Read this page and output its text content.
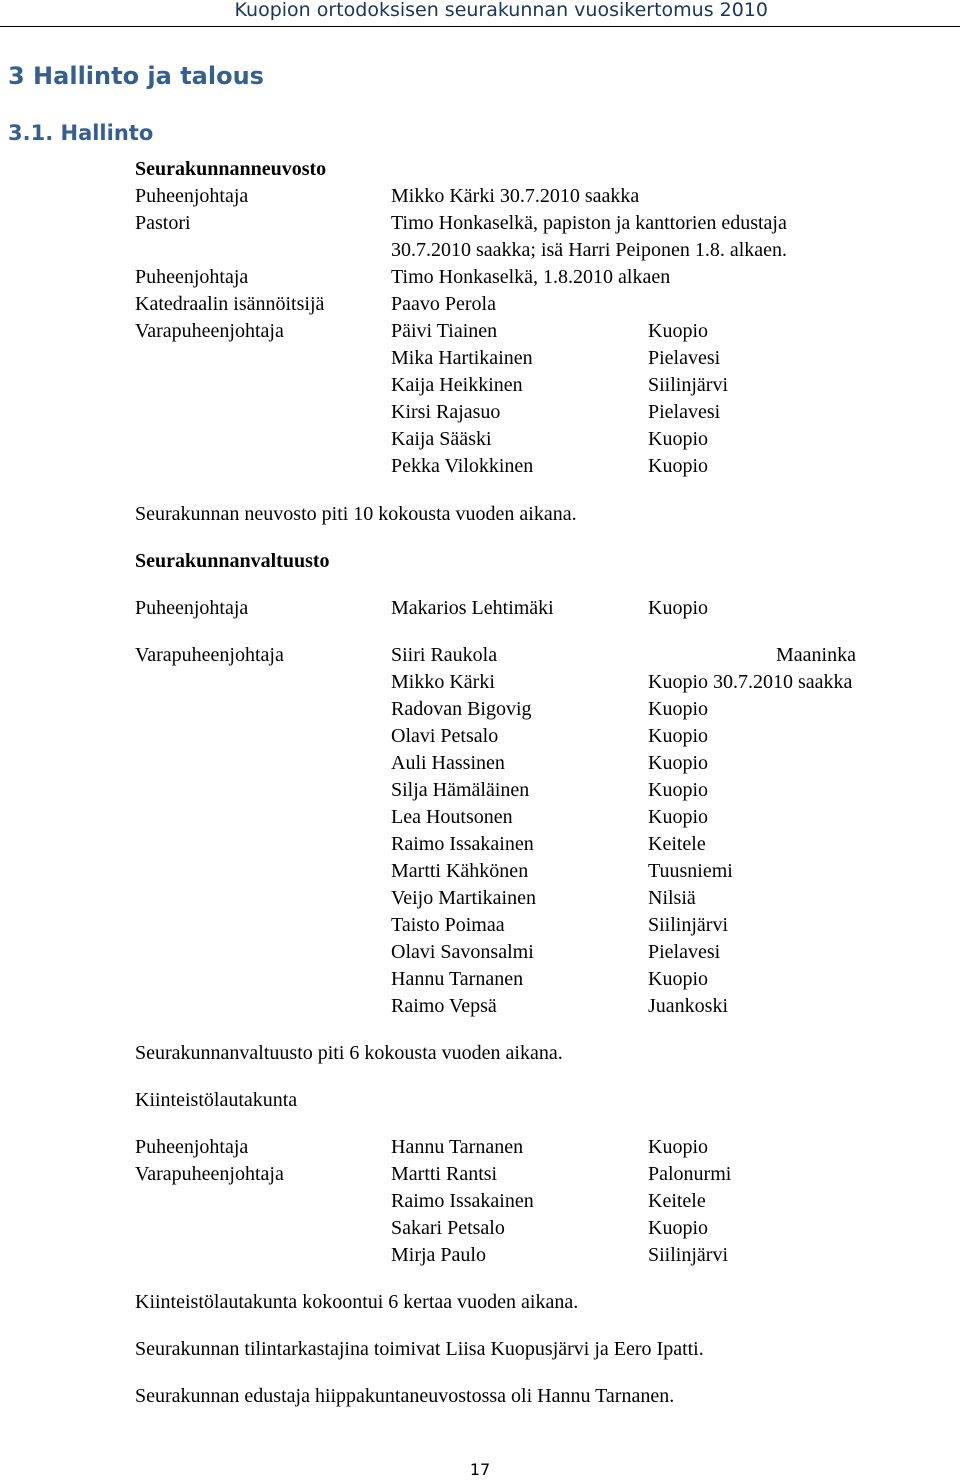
Kuopion ortodoksisen seurakunnan vuosikertomus 2010
3 Hallinto ja talous
3.1. Hallinto
Seurakunnanneuvosto
Puheenjohtaja	Mikko Kärki 30.7.2010 saakka
Pastori	Timo Honkaselkä, papiston ja kanttorien edustaja
30.7.2010 saakka; isä Harri Peiponen 1.8. alkaen.
Puheenjohtaja	Timo Honkaselkä, 1.8.2010 alkaen
Katedraalin isännöitsijä	Paavo Perola
Varapuheenjohtaja	Päivi Tiainen	Kuopio
Mika Hartikainen	Pielavesi
Kaija Heikkinen	Siilinjärvi
Kirsi Rajasuo	Pielavesi
Kaija Sääski	Kuopio
Pekka Vilokkinen	Kuopio
Seurakunnan neuvosto piti 10 kokousta vuoden aikana.
Seurakunnanvaltuusto
Puheenjohtaja	Makarios Lehtimäki	Kuopio
Varapuheenjohtaja	Siiri Raukola	Maaninka
Mikko Kärki	Kuopio 30.7.2010 saakka
Radovan Bigovig	Kuopio
Olavi Petsalo	Kuopio
Auli Hassinen	Kuopio
Silja Hämäläinen	Kuopio
Lea Houtsonen	Kuopio
Raimo Issakainen	Keitele
Martti Kähkönen	Tuusniemi
Veijo Martikainen	Nilsiä
Taisto Poimaa	Siilinjärvi
Olavi Savonsalmi	Pielavesi
Hannu Tarnanen	Kuopio
Raimo Vepsä	Juankoski
Seurakunnanvaltuusto piti 6 kokousta vuoden aikana.
Kiinteistölautakunta
Puheenjohtaja	Hannu Tarnanen	Kuopio
Varapuheenjohtaja	Martti Rantsi	Palonurmi
Raimo Issakainen	Keitele
Sakari Petsalo	Kuopio
Mirja Paulo	Siilinjärvi
Kiinteistölautakunta kokoontui 6 kertaa vuoden aikana.
Seurakunnan tilintarkastajina toimivat Liisa Kuopusjärvi ja Eero Ipatti.
Seurakunnan edustaja hiippakuntaneuvostossa oli Hannu Tarnanen.
17
